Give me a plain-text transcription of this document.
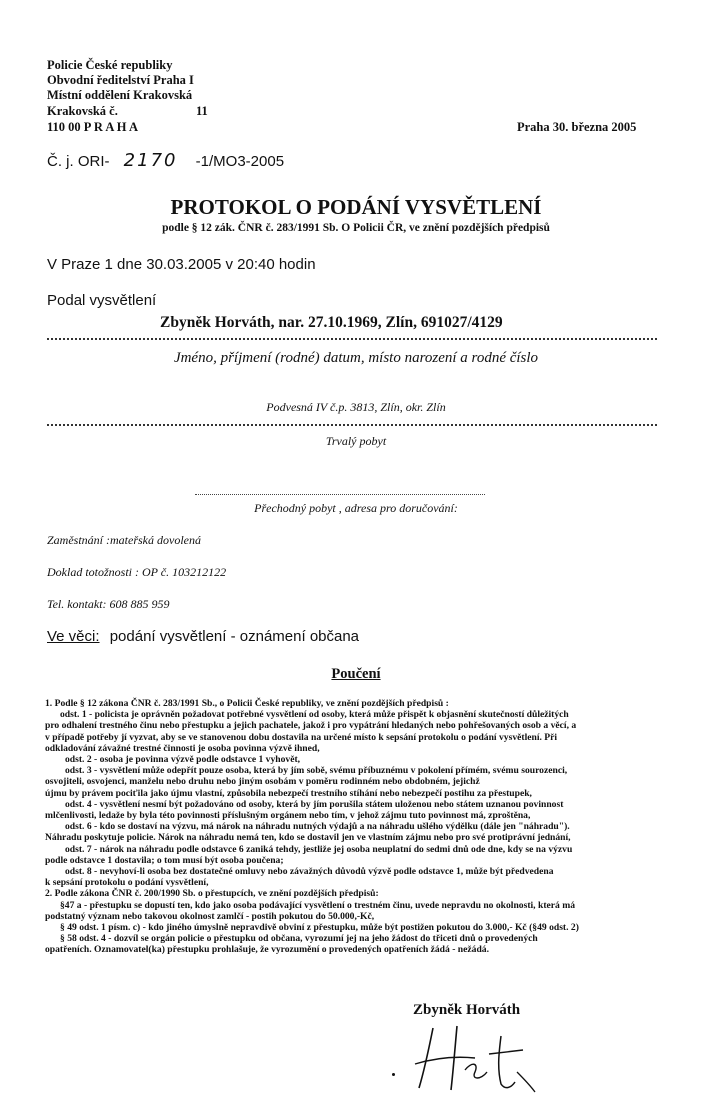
Policie České republiky
Obvodní ředitelství Praha I
Místní oddělení Krakovská
Krakovská č.	11
110 00 P R A H A	Praha 30. března 2005
Č. j. ORI- 2170 -1/MO3-2005
PROTOKOL O PODÁNÍ VYSVĚTLENÍ
podle § 12 zák. ČNR č. 283/1991 Sb. O Policii ČR, ve znění pozdějších předpisů
V Praze 1 dne 30.03.2005 v 20:40 hodin
Podal vysvětlení
Zbyněk Horváth, nar. 27.10.1969, Zlín, 691027/4129
Jméno, příjmení (rodné) datum, místo narození a rodné číslo
Podvesná IV č.p. 3813, Zlín, okr. Zlín
Trvalý pobyt
Přechodný pobyt , adresa pro doručování:
Zaměstnání :mateřská dovolená
Doklad totožnosti : OP č. 103212122
Tel. kontakt: 608 885 959
Ve věci: podání vysvětlení - oznámení občana
Poučení
1. Podle § 12 zákona ČNR č. 283/1991 Sb., o Policii České republiky, ve znění pozdějších předpisů :
odst. 1 - policista je oprávněn požadovat potřebné vysvětlení od osoby, která může přispět k objasnění skutečností důležitých
pro odhalení trestného činu nebo přestupku a jejich pachatele, jakož i pro vypátrání hledaných nebo pohřešovaných osob a věcí, a
v případě potřeby jí vyzvat, aby se ve stanovenou dobu dostavila na určené místo k sepsání protokolu o podání vysvětlení. Při
odkladování závažné trestné činnosti je osoba povinna výzvě ihned,
odst. 2 - osoba je povinna výzvě podle odstavce 1 vyhovět,
odst. 3 - vysvětlení může odepřít pouze osoba, která by jím sobě, svému příbuznému v pokolení přímém, svému sourozenci,
osvojiteli, osvojenci, manželu nebo druhu nebo jiným osobám v poměru rodinném nebo obdobném, jejichž
újmu by právem pociťila jako újmu vlastní, způsobila nebezpečí trestního stíhání nebo nebezpečí postihu za přestupek,
odst. 4 - vysvětlení nesmí být požadováno od osoby, která by jím porušila státem uloženou nebo státem uznanou povinnost
mlčenlivosti, ledaže by byla této povinnosti příslušným orgánem nebo tím, v jehož zájmu tuto povinnost má, zproštěna,
odst. 6 - kdo se dostaví na výzvu, má nárok na náhradu nutných výdajů a na náhradu ušlého výdělku (dále jen "náhradu").
Náhradu poskytuje policie. Nárok na náhradu nemá ten, kdo se dostavil jen ve vlastním zájmu nebo pro své protiprávní jednání,
odst. 7 - nárok na náhradu podle odstavce 6 zaniká tehdy, jestliže jej osoba neuplatní do sedmi dnů ode dne, kdy se na výzvu
podle odstavce 1 dostavila; o tom musí být osoba poučena;
odst. 8 - nevyhoví-li osoba bez dostatečné omluvy nebo závažných důvodů výzvě podle odstavce 1, může být předvedena
k sepsání protokolu o podání vysvětlení,
2. Podle zákona ČNR č. 200/1990 Sb. o přestupcích, ve znění pozdějších předpisů:
§47 a - přestupku se dopustí ten, kdo jako osoba podávající vysvětlení o trestném činu, uvede nepravdu no okolnosti, která má
podstatný význam nebo takovou okolnost zamlčí - postih pokutou do 50.000,-Kč,
§ 49 odst. 1 písm. c) - kdo jiného úmyslně nepravdivě obviní z přestupku, může být postižen pokutou do 3.000,- Kč (§49 odst. 2)
§ 58 odst. 4 - dozvíl se orgán policie o přestupku od občana, vyrozumí jej na jeho žádost do třiceti dnů o provedených
opatřeních. Oznamovatel(ka) přestupku prohlašuje, že vyrozumění o provedených opatřeních žádá - nežádá.
Zbyněk Horváth
